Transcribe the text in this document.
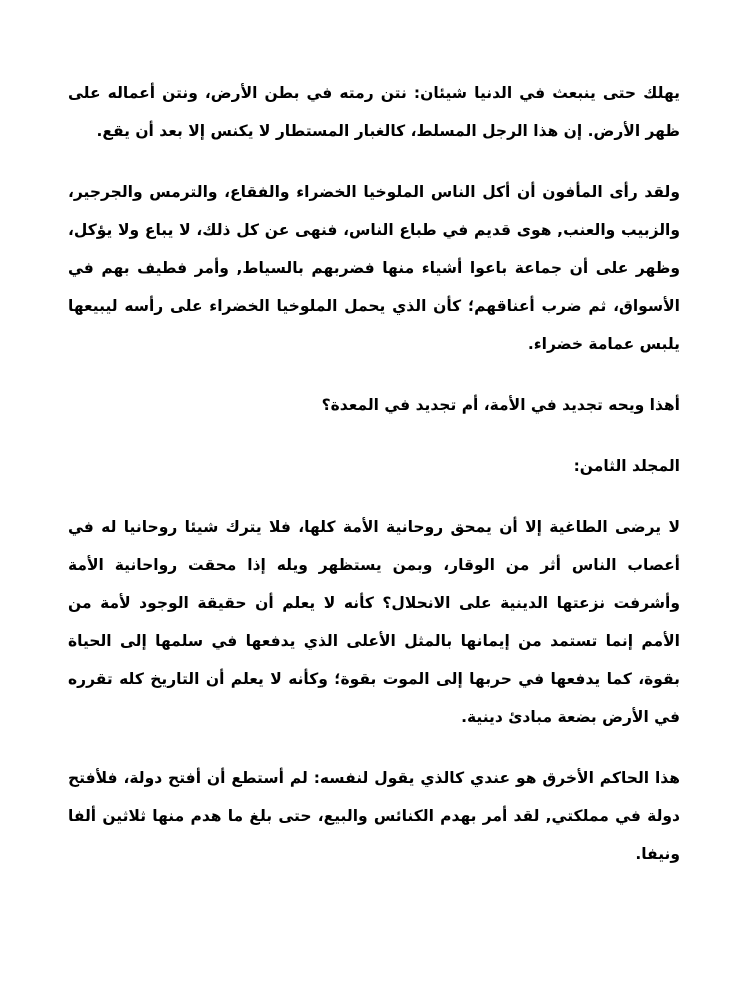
يهلك حتى ينبعث في الدنيا شيئان: نتن رمته في بطن الأرض، ونتن أعماله على ظهر الأرض. إن هذا الرجل المسلط، كالغبار المستطار لا يكنس إلا بعد أن يقع.

ولقد رأى المأفون أن أكل الناس الملوخيا الخضراء والفقاع، والترمس والجرجير، والزبيب والعنب, هوى قديم في طباع الناس، فنهى عن كل ذلك، لا يباع ولا يؤكل، وظهر على أن جماعة باعوا أشياء منها فضربهم بالسياط, وأمر فطيف بهم في الأسواق، ثم ضرب أعناقهم؛ كأن الذي يحمل الملوخيا الخضراء على رأسه ليبيعها يلبس عمامة خضراء.

أهذا ويحه تجديد في الأمة، أم تجديد في المعدة؟

المجلد الثامن:

لا يرضى الطاغية إلا أن يمحق روحانية الأمة كلها، فلا يترك شيئا روحانيا له في أعصاب الناس أثر من الوقار، وبمن يستظهر ويله إذا محقت رواحانية الأمة وأشرفت نزعتها الدينية على الانحلال؟ كأنه لا يعلم أن حقيقة الوجود لأمة من الأمم إنما تستمد من إيمانها بالمثل الأعلى الذي يدفعها في سلمها إلى الحياة بقوة، كما يدفعها في حربها إلى الموت بقوة؛ وكأنه لا يعلم أن التاريخ كله تقرره في الأرض بضعة مبادئ دينية.

هذا الحاكم الأخرق هو عندي كالذي يقول لنفسه: لم أستطع أن أفتح دولة، فلأفتح دولة في مملكتي, لقد أمر بهدم الكنائس والبيع، حتى بلغ ما هدم منها ثلاثين ألفا ونيفا.
